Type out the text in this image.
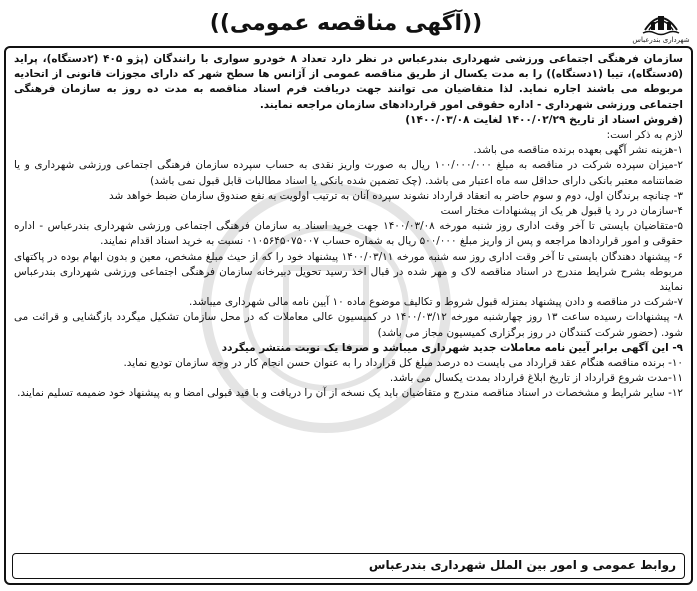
شهرداری بندرعباس
((آگهی مناقصه عمومی))

سازمان فرهنگی اجتماعی ورزشی شهرداری بندرعباس در نظر دارد تعداد ۸ خودرو سواری با رانندگان (پژو ۴۰۵ (۲دستگاه)، پراید (۵دستگاه)، تیبا (۱دستگاه)) را به مدت یکسال از طریق مناقصه عمومی از آژانس ها سطح شهر که دارای مجوزات قانونی از اتحادیه مربوطه می باشند اجاره نماید. لذا متقاضیان می توانند جهت دریافت فرم اسناد مناقصه به مدت ده روز به سازمان فرهنگی اجتماعی ورزشی شهرداری - اداره حقوقی امور قراردادهای سازمان مراجعه نمایند.

(فروش اسناد از تاریخ ۱۴۰۰/۰۲/۲۹ لغایت ۱۴۰۰/۰۳/۰۸)

لازم به ذکر است:

۱-هزینه نشر آگهی بعهده برنده مناقصه می باشد.

۲-میزان سپرده شرکت در مناقصه به مبلغ ۱۰۰/۰۰۰/۰۰۰ ریال به صورت واریز نقدی به حساب سپرده سازمان فرهنگی اجتماعی ورزشی شهرداری و یا ضمانتنامه معتبر بانکی دارای حداقل سه ماه اعتبار می باشد. (چک تضمین شده بانکی یا اسناد مطالبات قابل قبول نمی باشد)

۳- چنانچه برندگان اول، دوم و سوم حاضر به انعقاد قرارداد نشوند سپرده آنان به ترتیب اولویت به نفع صندوق سازمان ضبط خواهد شد

۴-سازمان در رد یا قبول هر یک از پیشنهادات مختار است

۵-متقاضیان بایستی تا آخر وقت اداری روز شنبه مورخه ۱۴۰۰/۰۳/۰۸ جهت خرید اسناد به سازمان فرهنگی اجتماعی ورزشی شهرداری بندرعباس - اداره حقوقی و امور قراردادها مراجعه و پس از واریز مبلغ ۵۰۰/۰۰۰ ریال به شماره حساب ۰۱۰۵۶۴۵۰۷۵۰۰۷ نسبت به خرید اسناد اقدام نمایند.

۶- پیشنهاد دهندگان بایستی تا آخر وقت اداری روز سه شنبه مورخه ۱۴۰۰/۰۳/۱۱ پیشنهاد خود را که از حیث مبلغ مشخص، معین و بدون ابهام بوده در پاکتهای مربوطه بشرح شرایط مندرج در اسناد مناقصه لاک و مهر شده در قبال اخذ رسید تحویل دبیرخانه سازمان فرهنگی اجتماعی ورزشی شهرداری بندرعباس نمایند

۷-شرکت در مناقصه و دادن پیشنهاد بمنزله قبول شروط و تکالیف موضوع ماده ۱۰ آیین نامه مالی شهرداری میباشد.

۸- پیشنهادات رسیده ساعت ۱۳ روز چهارشنبه مورخه ۱۴۰۰/۰۳/۱۲ در کمیسیون عالی معاملات که در محل سازمان تشکیل میگردد بازگشایی و قرائت می شود. (حضور شرکت کنندگان در روز برگزاری کمیسیون مجاز می باشد)

۹- این آگهی برابر آیین نامه معاملات جدید شهرداری میباشد و صرفا یک نوبت منتشر میگردد

۱۰- برنده مناقصه هنگام عقد قرارداد می بایست ده درصد مبلغ کل قرارداد را به عنوان حسن انجام کار در وجه سازمان تودیع نماید.

۱۱-مدت شروع قرارداد از تاریخ ابلاغ قرارداد بمدت یکسال می باشد.

۱۲- سایر شرایط و مشخصات در اسناد مناقصه مندرج و متقاضیان باید یک نسخه از آن را دریافت و با قید قبولی امضا و به پیشنهاد خود ضمیمه تسلیم نمایند.

روابط عمومی و امور بین الملل شهرداری بندرعباس
